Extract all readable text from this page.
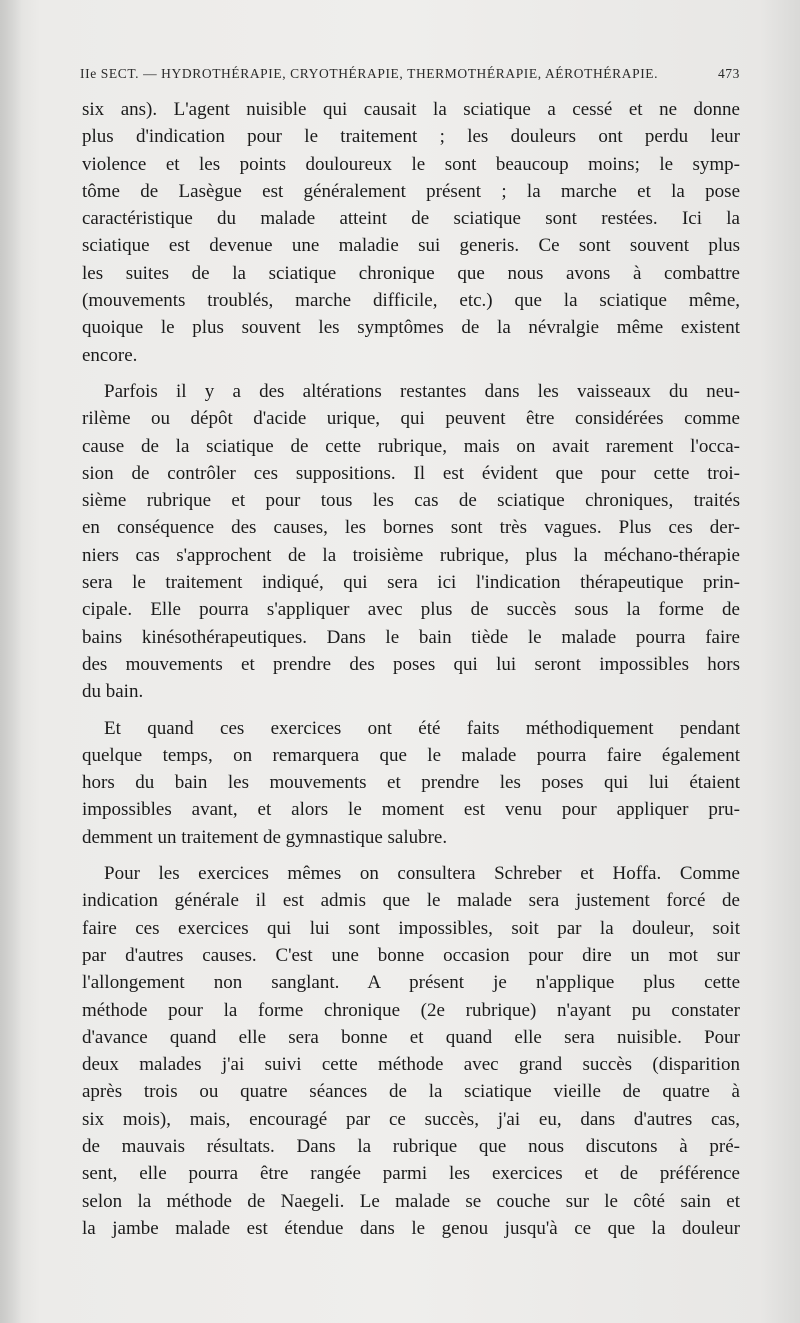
IIe SECT. — HYDROTHÉRAPIE, CRYOTHÉRAPIE, THERMOTHÉRAPIE, AÉROTHÉRAPIE.	473
six ans). L'agent nuisible qui causait la sciatique a cessé et ne donne
plus d'indication pour le traitement ; les douleurs ont perdu leur
violence et les points douloureux le sont beaucoup moins; le symp-
tôme de Lasègue est généralement présent ; la marche et la pose
caractéristique du malade atteint de sciatique sont restées. Ici la
sciatique est devenue une maladie sui generis. Ce sont souvent plus
les suites de la sciatique chronique que nous avons à combattre
(mouvements troublés, marche difficile, etc.) que la sciatique même,
quoique le plus souvent les symptômes de la névralgie même existent
encore.
Parfois il y a des altérations restantes dans les vaisseaux du neu-
rilème ou dépôt d'acide urique, qui peuvent être considérées comme
cause de la sciatique de cette rubrique, mais on avait rarement l'occa-
sion de contrôler ces suppositions. Il est évident que pour cette troi-
sième rubrique et pour tous les cas de sciatique chroniques, traités
en conséquence des causes, les bornes sont très vagues. Plus ces der-
niers cas s'approchent de la troisième rubrique, plus la méchano-thérapie
sera le traitement indiqué, qui sera ici l'indication thérapeutique prin-
cipale. Elle pourra s'appliquer avec plus de succès sous la forme de
bains kinésothérapeutiques. Dans le bain tiède le malade pourra faire
des mouvements et prendre des poses qui lui seront impossibles hors
du bain.
Et quand ces exercices ont été faits méthodiquement pendant
quelque temps, on remarquera que le malade pourra faire également
hors du bain les mouvements et prendre les poses qui lui étaient
impossibles avant, et alors le moment est venu pour appliquer pru-
demment un traitement de gymnastique salubre.
Pour les exercices mêmes on consultera Schreber et Hoffa. Comme
indication générale il est admis que le malade sera justement forcé de
faire ces exercices qui lui sont impossibles, soit par la douleur, soit
par d'autres causes. C'est une bonne occasion pour dire un mot sur
l'allongement non sanglant. A présent je n'applique plus cette
méthode pour la forme chronique (2e rubrique) n'ayant pu constater
d'avance quand elle sera bonne et quand elle sera nuisible. Pour
deux malades j'ai suivi cette méthode avec grand succès (disparition
après trois ou quatre séances de la sciatique vieille de quatre à
six mois), mais, encouragé par ce succès, j'ai eu, dans d'autres cas,
de mauvais résultats. Dans la rubrique que nous discutons à pré-
sent, elle pourra être rangée parmi les exercices et de préférence
selon la méthode de Naegeli. Le malade se couche sur le côté sain et
la jambe malade est étendue dans le genou jusqu'à ce que la douleur
